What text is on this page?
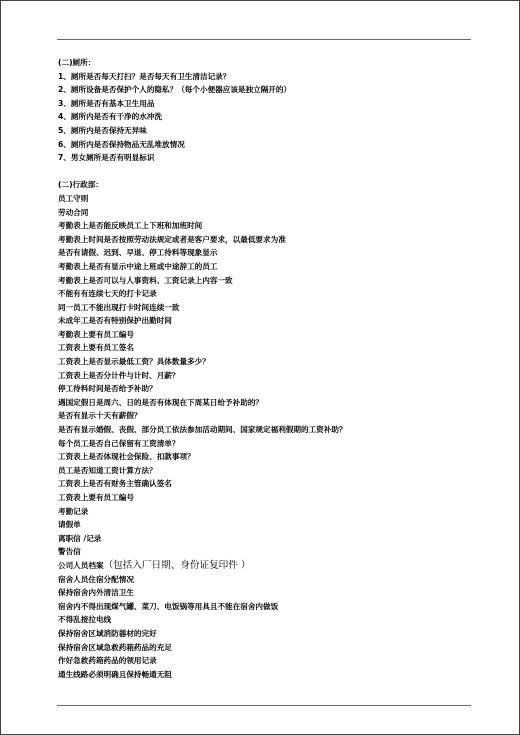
(二)厕所：
1、厕所是否每天打扫？是否每天有卫生清洁记录？
2、厕所设备是否保护个人的隐私？（每个小便器应该是独立隔开的）
3、厕所是否有基本卫生用品
4、厕所内是否有干净的水冲洗
5、厕所内是否保持无异味
6、厕所内是否保持物品无乱堆放情况
7、男女厕所是否有明显标识
(二)行政部：
员工守则
劳动合同
考勤表上是否能反映员工上下班和加班时间
考勤表上时间是否按照劳动法规定或者是客户要求，以最低要求为准
是否有请假、迟到、早退、停工待料等现象显示
考勤表上是否有显示中途上班或中途辞工的员工
考勤表上是否可以与人事资料、工资记录上内容一致
不能有有连续七天的打卡记录
同一员工不能出现打卡时间连续一致
未成年工是否有特别保护出勤时间
考勤表上要有员工编号
工资表上要有员工签名
工资表上是否显示最低工资？具体数量多少？
工资表上是否分计件与计时、月薪？
停工待料时间是否给予补助？
遇国定假日是周六、日的是否有体现在下周某日给予补助的？
是否有显示十天有薪假？
是否有显示婚假、丧假、部分员工依法参加活动期间、国家规定福利假期的工资补助？
每个员工是否自己保留有工资清单？
工资表上是否体现社会保险、扣款事项？
员工是否知道工资计算方法？
工资表上是否有财务主管确认签名
工资表上要有员工编号
考勤记录
请假单
离职信 /记录
警告信
公司人员档案（包括入厂日期、身份证复印件 ）
宿舍人员住宿分配情况
保持宿舍内外清洁卫生
宿舍内不得出现煤气罐、菜刀、电饭锅等用具且不能在宿舍内做饭
不得乱接拉电线
保持宿舍区域消防器材的完好
保持宿舍区域急救药箱药品的充足
作好急救药箱药品的领用记录
通生线路必须明确且保持畅通无阻
